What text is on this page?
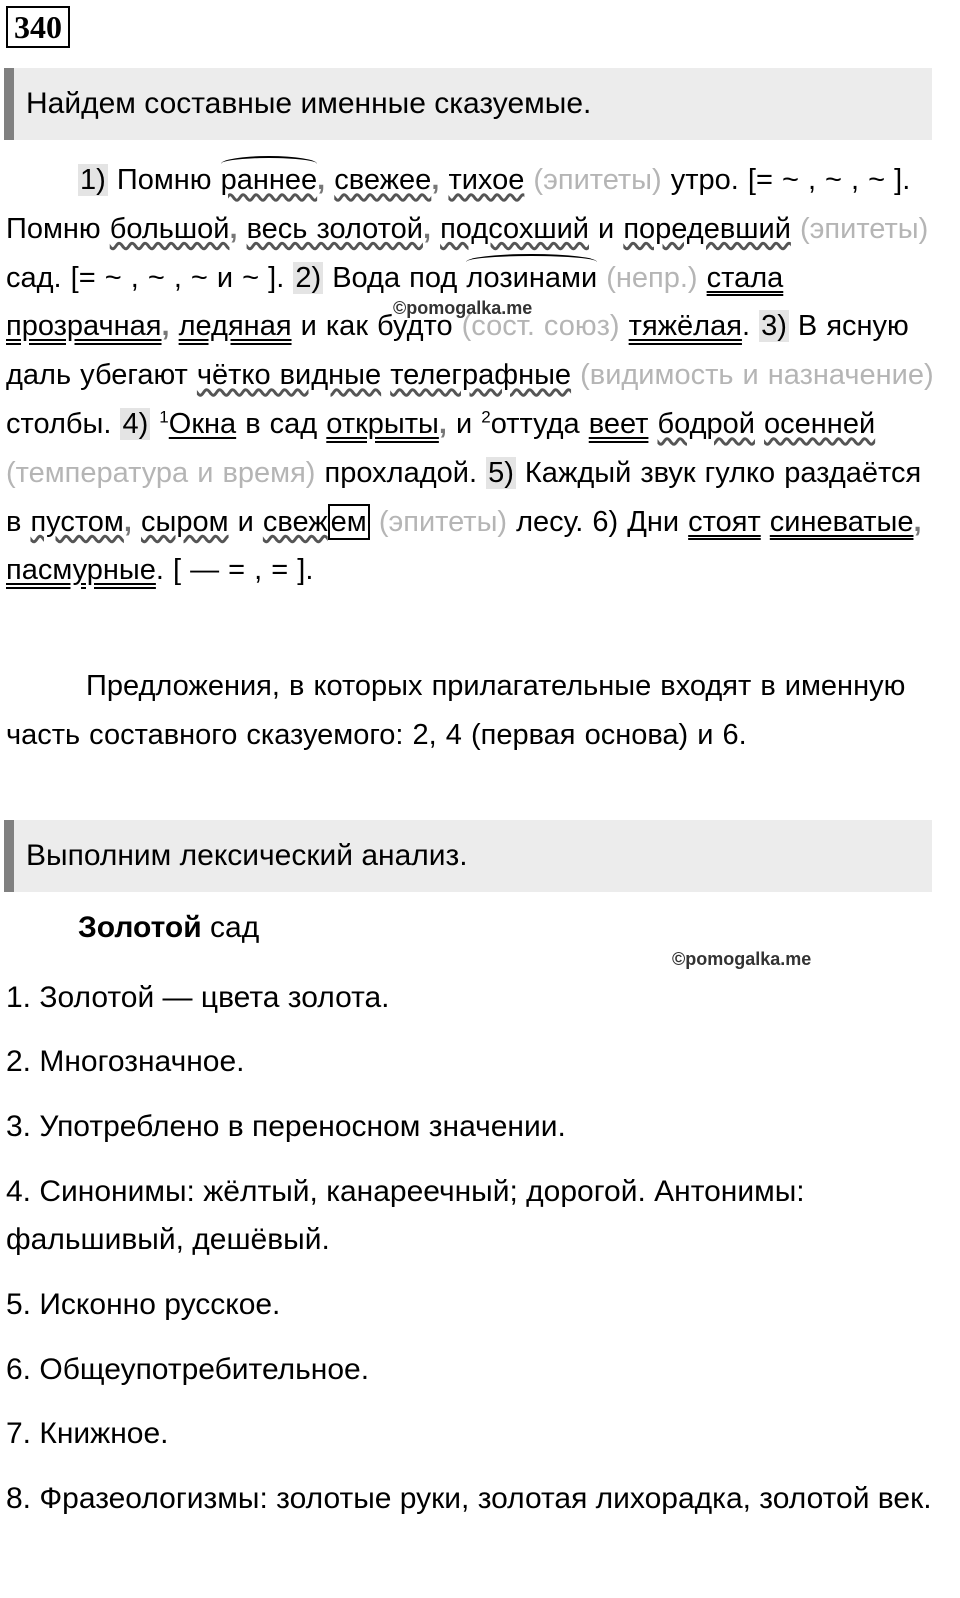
340
Найдем составные именные сказуемые.
1) Помню раннее, свежее, тихое (эпитеты) утро. [= ~ , ~ , ~ ]. Помню большой, весь золотой, подсохший и поредевший (эпитеты) сад. [= ~ , ~ , ~ и ~ ]. 2) Вода под лозинами (непр.) стала прозрачная, ледяная и как будто (сост. союз) тяжёлая. 3) В ясную даль убегают чётко видные телеграфные (видимость и назначение) столбы. 4) $^1$Окна в сад открыты, и $^2$оттуда веет бодрой осенней (температура и время) прохладой. 5) Каждый звук гулко раздаётся в пустом, сыром и свеж ем (эпитеты) лесу. 6) Дни стоят синеватые, пасмурные. [ — = , = ].
©pomogalka.me
Предложения, в которых прилагательные входят в именную часть составного сказуемого: 2, 4 (первая основа) и 6.
Выполним лексический анализ.
Золотой сад
©pomogalka.me
1. Золотой — цвета золота.
2. Многозначное.
3. Употреблено в переносном значении.
4. Синонимы: жёлтый, канареечный; дорогой. Антонимы: фальшивый, дешёвый.
5. Исконно русское.
6. Общеупотребительное.
7. Книжное.
8. Фразеологизмы: золотые руки, золотая лихорадка, золотой век.
